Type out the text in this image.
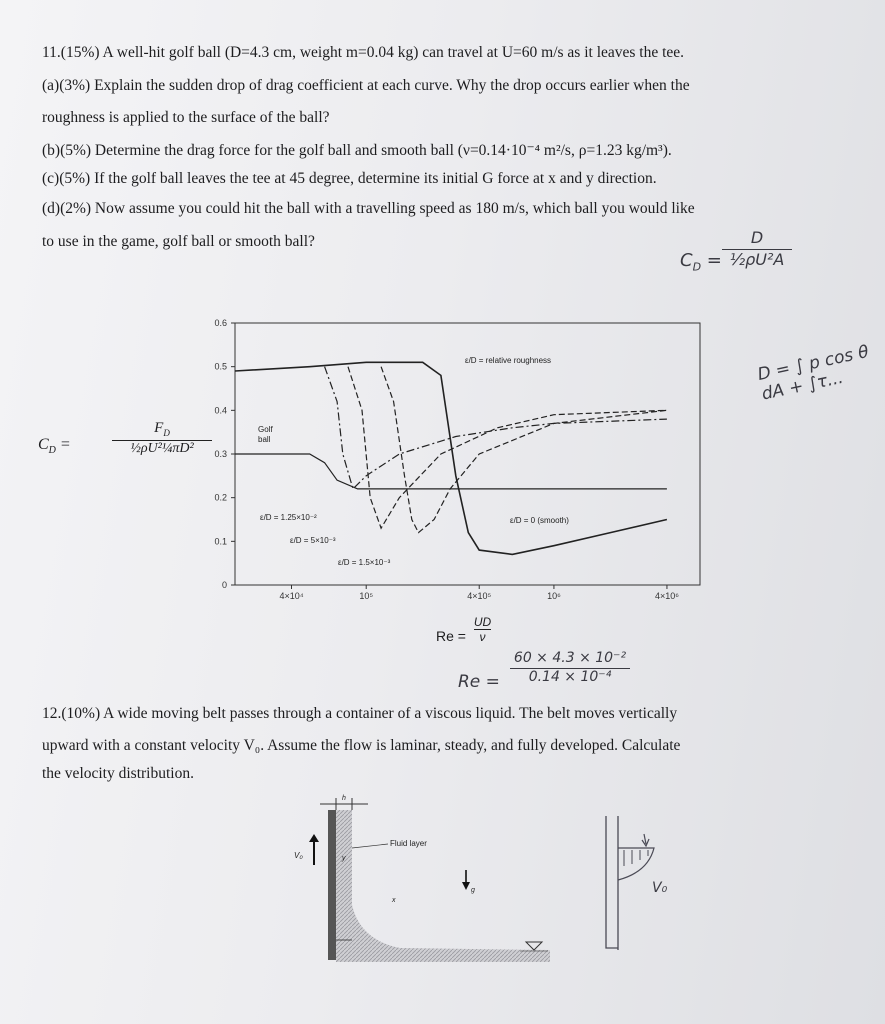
11.(15%) A well-hit golf ball (D=4.3 cm, weight m=0.04 kg) can travel at U=60 m/s as it leaves the tee.
(a)(3%) Explain the sudden drop of drag coefficient at each curve. Why the drop occurs earlier when the
roughness is applied to the surface of the ball?
(b)(5%) Determine the drag force for the golf ball and smooth ball (ν=0.14·10⁻⁴ m²/s, ρ=1.23 kg/m³).
(c)(5%) If the golf ball leaves the tee at 45 degree, determine its initial G force at x and y direction.
(d)(2%) Now assume you could hit the ball with a travelling speed as 180 m/s, which ball you would like
to use in the game, golf ball or smooth ball?
$C_D$ =
D
½ρU²A
D = ∫ p cos θ dA + ∫τ...
$C_D$ =
$F_D$
½ρU²¼πD²
0.6
0.5
0.4
0.3
0.2
0.1
0
4×10⁴	10⁵	4×10⁵	10⁶	4×10⁶
ε/D = relative roughness
Golf
ball
ε/D = 1.25×10⁻²
ε/D = 5×10⁻³
ε/D = 1.5×10⁻³
ε/D = 0 (smooth)
$Re = \frac{UD}{\nu}$
Re =
60 × 4.3 × 10⁻²
0.14 × 10⁻⁴
12.(10%) A wide moving belt passes through a container of a viscous liquid. The belt moves vertically
upward with a constant velocity V₀. Assume the flow is laminar, steady, and fully developed. Calculate
the velocity distribution.
h
V₀	y
x
Fluid layer
g	V₀
